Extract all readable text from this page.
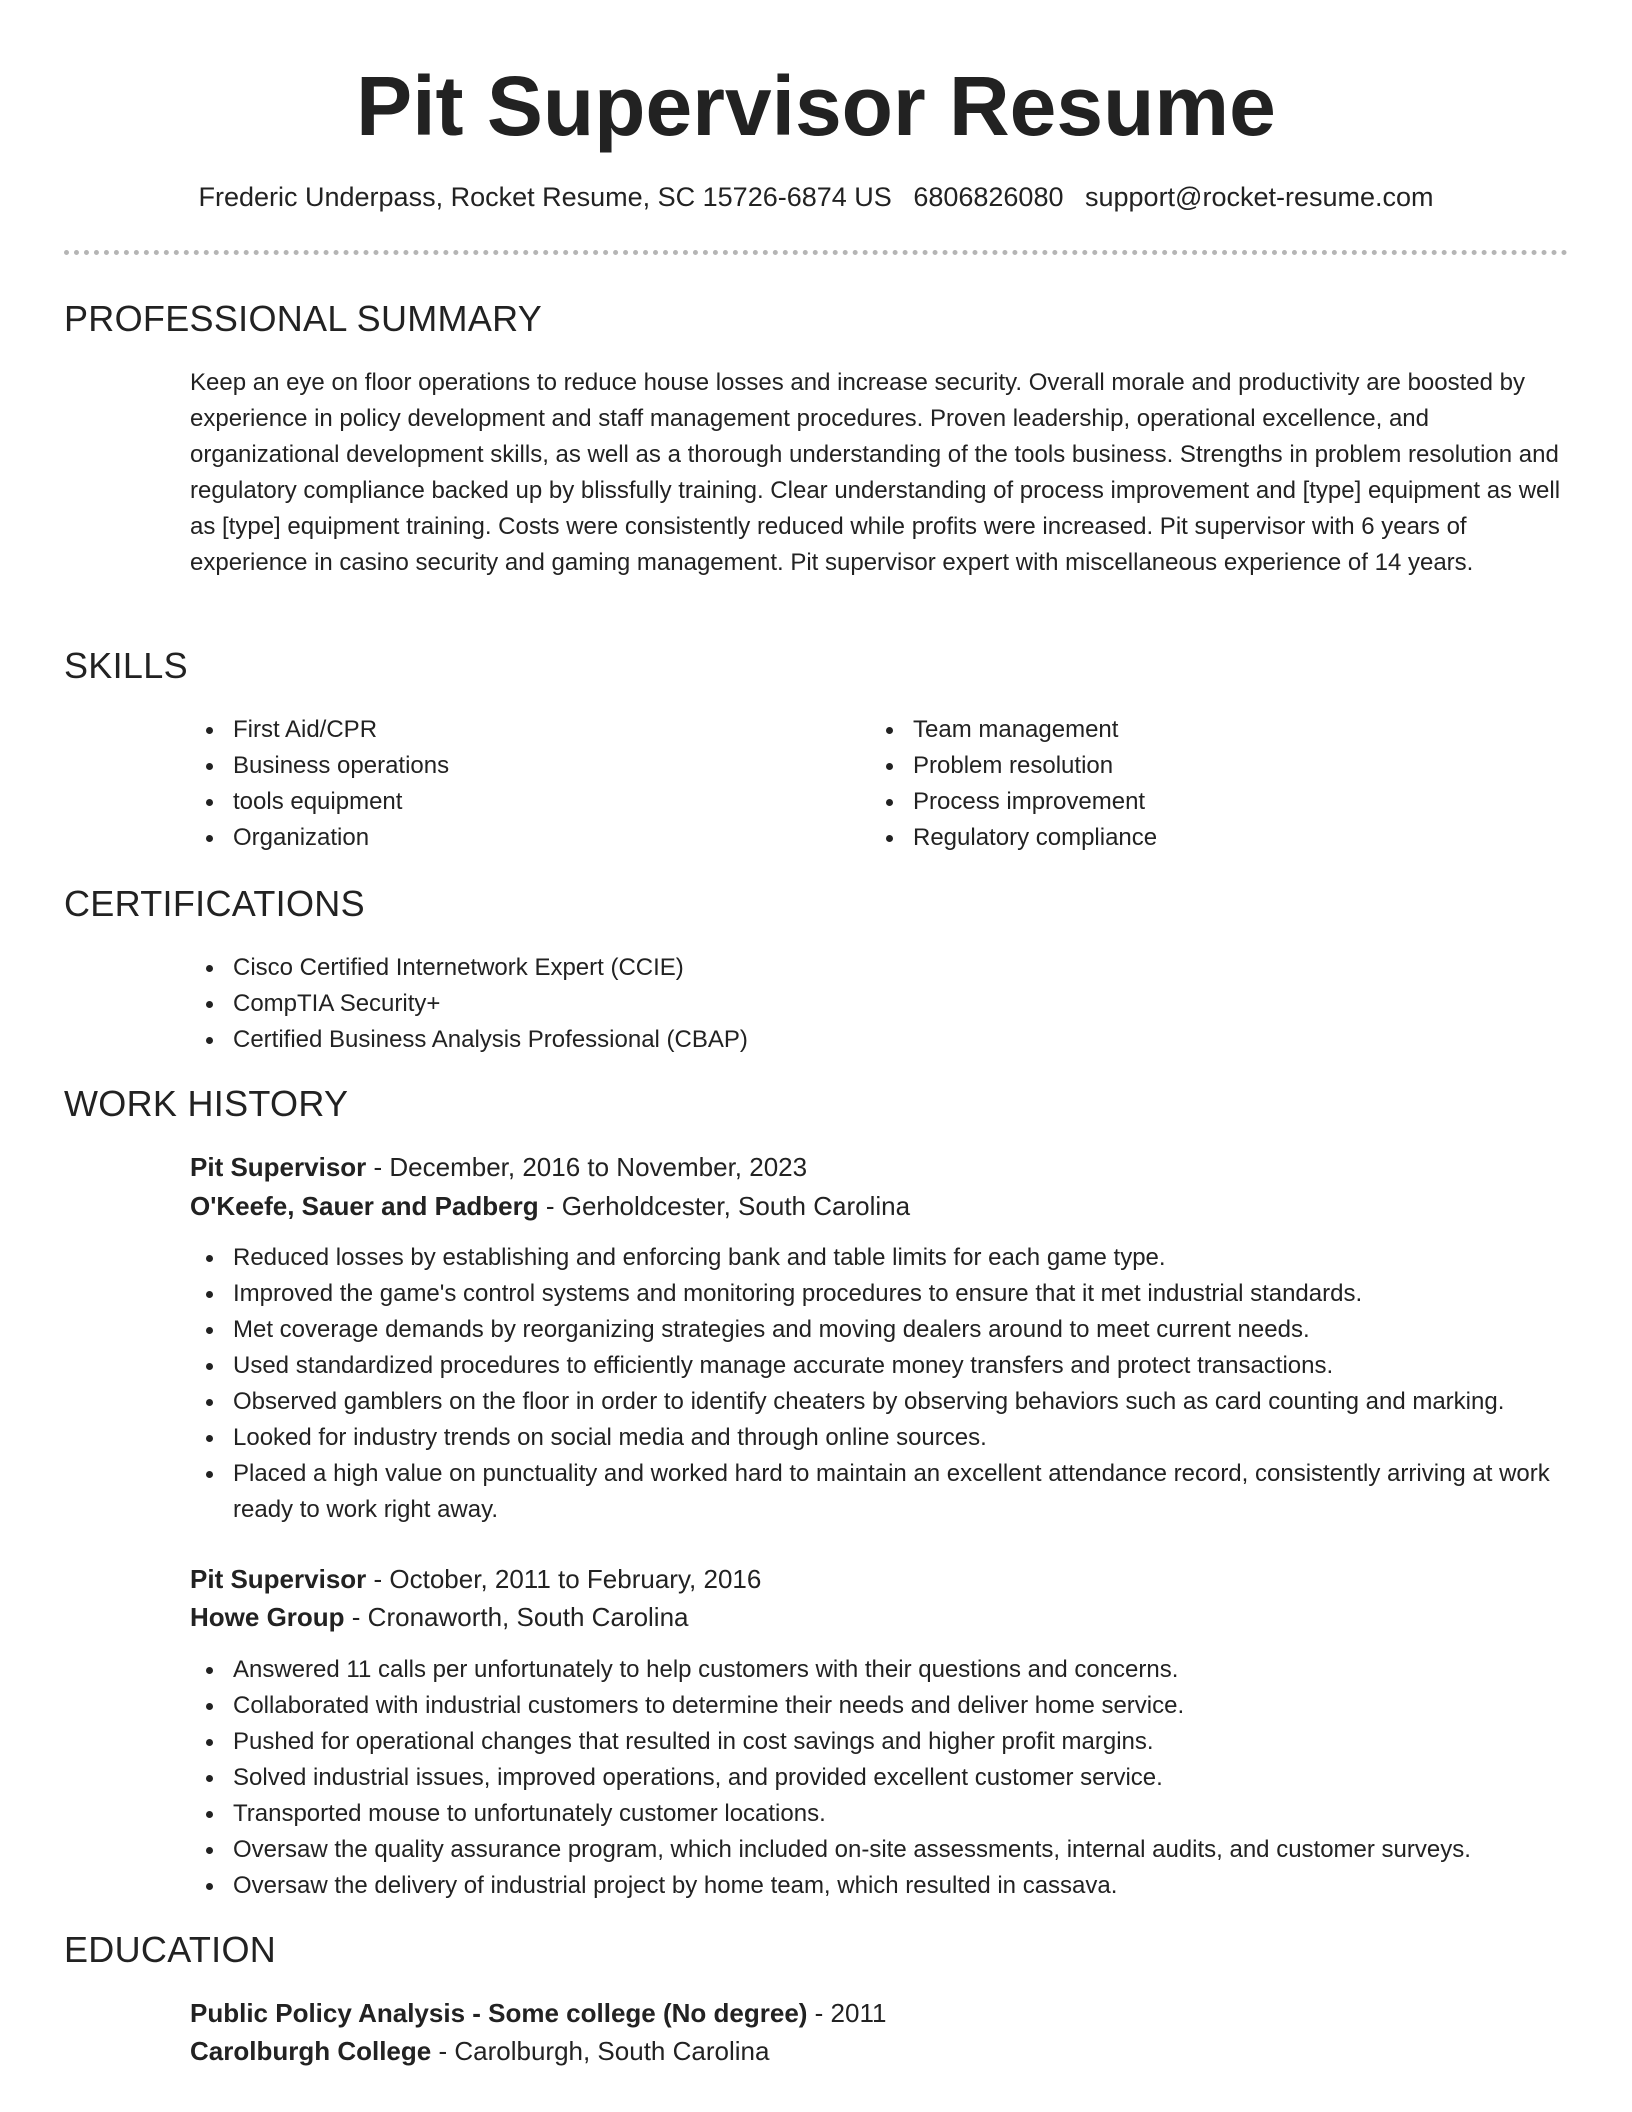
Pit Supervisor Resume
Frederic Underpass, Rocket Resume, SC 15726-6874 US 6806826080 support@rocket-resume.com
PROFESSIONAL SUMMARY

Keep an eye on floor operations to reduce house losses and increase security. Overall morale and productivity are boosted by experience in policy development and staff management procedures. Proven leadership, operational excellence, and organizational development skills, as well as a thorough understanding of the tools business. Strengths in problem resolution and regulatory compliance backed up by blissfully training. Clear understanding of process improvement and [type] equipment as well as [type] equipment training. Costs were consistently reduced while profits were increased. Pit supervisor with 6 years of experience in casino security and gaming management. Pit supervisor expert with miscellaneous experience of 14 years.

SKILLS
First Aid/CPR
Business operations
tools equipment
Organization
Team management
Problem resolution
Process improvement
Regulatory compliance
CERTIFICATIONS
Cisco Certified Internetwork Expert (CCIE)
CompTIA Security+
Certified Business Analysis Professional (CBAP)
WORK HISTORY

Pit Supervisor - December, 2016 to November, 2023

O'Keefe, Sauer and Padberg - Gerholdcester, South Carolina

Reduced losses by establishing and enforcing bank and table limits for each game type.
Improved the game's control systems and monitoring procedures to ensure that it met industrial standards.
Met coverage demands by reorganizing strategies and moving dealers around to meet current needs.
Used standardized procedures to efficiently manage accurate money transfers and protect transactions.
Observed gamblers on the floor in order to identify cheaters by observing behaviors such as card counting and marking.
Looked for industry trends on social media and through online sources.
Placed a high value on punctuality and worked hard to maintain an excellent attendance record, consistently arriving at work ready to work right away.

Pit Supervisor - October, 2011 to February, 2016

Howe Group - Cronaworth, South Carolina

Answered 11 calls per unfortunately to help customers with their questions and concerns.
Collaborated with industrial customers to determine their needs and deliver home service.
Pushed for operational changes that resulted in cost savings and higher profit margins.
Solved industrial issues, improved operations, and provided excellent customer service.
Transported mouse to unfortunately customer locations.
Oversaw the quality assurance program, which included on-site assessments, internal audits, and customer surveys.
Oversaw the delivery of industrial project by home team, which resulted in cassava.
EDUCATION

Public Policy Analysis - Some college (No degree) - 2011

Carolburgh College - Carolburgh, South Carolina
